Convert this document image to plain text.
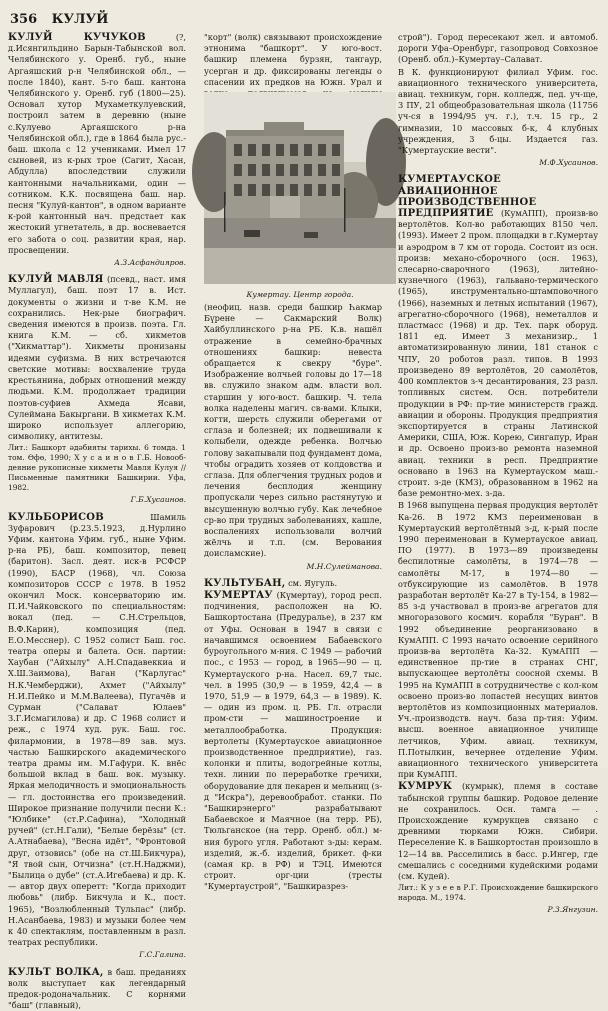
356 КУЛУЙ

КУЛУЙ КУЧУКОВ	(?, д.Исянгильдино Барын-Табынской вол. Челябинского у. Оренб. губ., ныне Аргаяшский р-н Челябинской обл., — после 1840), кант. 5-го баш. кантона Челябинского у. Оренб. губ (1800—25). Основал хутор Мухаметкулуевский, построил затем в деревню (ныне с.Кулуево Аргаяшского р-на Челябинской обл.), где в 1864 была рус.-баш. школа с 12 учениками. Имел 17 сыновей, из к-рых трое (Сагит, Хасан, Абдулла) впоследствии служили кантонными начальниками, один — сотником. К.К. посвящена баш. нар. песня "Кулуй-кантон", в одном варианте к-рой кантонный нач. предстает как жестокий угнетатель, в др. восневается его забота о соц. развитии края, нар. просвещении.

А.З.Асфандияров.

КУЛУЙ МАВЛЯ (псевд., наст. имя Муллагул), баш. поэт 17 в. Ист. документы о жизни и т-ве К.М. не сохранились. Нек-рые биографич. сведения имеются в произв. поэта. Гл. книга К.М. — сб. хикметов ("Хикматтар"). Хикметы пронизаны идеями суфизма. В них встречаются светские мотивы: восхваление труда крестьянина, добрых отношений между людьми. К.М. продолжает традиции поэтов-суфиев Ахмеда Ясави, Сулеймана Бакыргани. В хикметах К.М. широко использует аллегорию, символику, антитезы.

Лит.: Башкорт әдәбияты тарихы. 6 томда. 1 том. Өфө, 1990; Х у с а и н о в Г.Б. Новооб- деяние рукописные хикметы Мавля Кулуя // Письменные памятники Башкирии. Уфа, 1982.

Г.Б.Хусаинов.

КУЛЬБОРИСОВ	Шамиль Зуфарович (р.23.5.1923, д.Нурлино Уфим. кантона Уфим. губ., ныне Уфим. р-на РБ), баш. композитор, певец (баритон). Засл. деят. иск-в РСФСР (1990), БАСР (1968), чл. Союза композиторов СССР с 1978. В 1952 окончил Моск. консерваторию им. П.И.Чайковского по специальностям: вокал (пед. — С.Н.Стрельцов, В.Ф.Карин), композиция (пед. Е.О.Месснер). С 1952 солист Баш. гос. театра оперы и балета. Осн. партии: Хаубан ("Айхылу" А.Н.Спадавеккиа и Х.Ш.Заимова), Ваган ("Карлугас" Н.К.Чемберджи), Ахмет ("Айхылу" Н.И.Пейко и М.М.Валеева), Пугачёв и Сурман ("Салават Юлаев" З.Г.Исмагилова) и др. С 1968 солист и реж., с 1974 худ. рук. Баш. гос. филармонии, в 1978—89 зав. муз. частью Башкирского академического театра драмы им. М.Гафури. К. внёс большой вклад в баш. вок. музыку. Яркая мелодичность и эмоциональность — гл. достоинства его произведений. Широкое признание получили песни К.: "Юлбике" (ст.Р.Сафина), "Холодный ручей" (ст.Н.Гали), "Белые берёзы" (ст. А.Атнабаева), "Весна идёт", "Фронтовой друг, отзовись" (обе на ст.Ш.Бикчура), "Я твой сын, Отчизна" (ст.Н.Наджми), "Былица о дубе" (ст.А.Игебаева) и др. К. — автор двух оперетт: "Когда приходит любовь" (либр. Бикчула и К., пост. 1965), "Возлюбленный Тульпас" (либр. Н.Асанбаева, 1983) и музыки более чем к 40 спектаклям, поставленным в разл. театрах республики.

Г.С.Галина.

КУЛЬТ ВОЛКА, в баш. преданиях волк выступает как легендарный предок-родоначальник. С корнями "баш" (главный),

"корт" (волк) связывают происхождение этнонима "башкорт". У юго-вост. башкир племена бурзян, тангаур, усерган и др. фиксированы легенды о спасении их предков на Южн. Урал и

Кумертау. Центр города.

(неофиц. назв. среди башкир Һакмар Бүрене — Сакмарский Волк) Хайбуллинского р-на РБ. К.в. нашёл отражение в семейно-брачных отношениях башкир: невеста обращается к свекру "буре". Изображение волчьей головы до 17—18 вв. служило знаком адм. власти вол. старшин у юго-вост. башкир. Ч. тела волка наделены магич. св-вами. Клыки, когти, шерсть служили оберегами от сглаза и болезней; их подвешивали к колыбели, одежде ребенка. Волчью голову закапывали под фундамент дома, чтобы оградить хозяев от колдовства и сглаза. Для облегчения трудных родов и лечения бесплодия женщину пропускали через сильно растянутую и высушенную волчью губу. Как лечебное ср-во при трудных заболеваниях, кашле, воспалениях использовали волчий жёлчь и т.п. (см. Верования доисламские).

М.Н.Сулейманова.

КУЛЬТУБАН, см. Яугуль.

КУМЕРТАУ (Күмертау), город респ. подчинения, расположен на Ю. Башкортостана (Предуралье), в 237 км от Уфы. Основан в 1947 в связи с начавшимся освоением Бабаевского буроугольного м-ния. С 1949 — рабочий пос., с 1953 — город, в 1965—90 — ц. Кумертауского р-на. Насел. 69,7 тыс. чел. в 1995 (30,9 — в 1959, 42,4 — в 1970, 51,9 — в 1979, 64,3 — в 1989). К. — один из пром. ц. РБ. Гл. отрасли пром-сти — машиностроение и металлообработка. Продукция: вертолеты (Кумертауское авиационное производственное предприятие), газ. колонки и плиты, водогрейные котлы, техн. линии по переработке гречихи, оборудование для пекарен и мельниц (з-д "Искра"), деревообработ. станки. По "Башкирэнерго" разрабатывают Бабаевское и Маячное (на терр. РБ), Тюльганское (на терр. Оренб. обл.) м-ния бурого угля. Работают з-ды: керам. изделий, ж.-б. изделий, брикет. ф-ки (самая кр. в РФ) и ТЭЦ. Имеются строит. орг-ции (тресты "Кумертаустрой", "Башкиразрез-

строй"). Город пересекают жел. и автомоб. дороги Уфа–Оренбург, газопровод Совхозное (Оренб. обл.)–Кумертау–Салават.

В К. функционируют филиал Уфим. гос. авиационного технического университета, авиац. техникум, горн. колледж, пед. уч-ще, 3 ПУ, 21 общеобразовательная школа (11756 уч-ся в 1994/95 уч. г.), т.ч. 15 гр., 2 гимназии, 10 массовых б-к, 4 клубных учреждения, 3 б-цы. Издается газ. "Кумертауские вести".

М.Ф.Хусаинов.

КУМЕРТАУСКОЕ АВИАЦИОННОЕ ПРОИЗВОДСТВЕННОЕ ПРЕДПРИЯТИЕ (КумАПП), произв-во вертолётов. Кол-во работающих 8150 чел. (1993). Имеет 2 пром. площадки в г.Кумертау и аэродром в 7 км от города. Состоит из осн. произв: механо-сборочного (осн. 1963), слесарно-сварочного (1963), литейно-кузнечного (1963), гальвано-термического (1965), инструментально-штамповочного (1966), наземных и летных испытаний (1967), агрегатно-сборочного (1968), неметаллов и пластмасс (1968) и др. Тех. парк оборуд. 1811 ед. Имеет 3 механизир., 1 автоматизированную линии, 181 станок с ЧПУ, 20 роботов разл. типов. В 1993 произведено 89 вертолётов, 20 самолётов, 400 комплектов з-ч десантирования, 23 разл. топливных систем. Осн. потребители продукции в РФ: пр-тие министерств гражд. авиации и обороны. Продукция предприятия экспортируется в страны Латинской Америки, США, Юж. Корею, Сингапур, Иран и др. Освоено произ-во ремонта наземной авиац. техники в респ. Предприятие основано в 1963 на Кумертауском маш.-строит. з-де (КМЗ), образованном в 1962 на базе ремонтно-мех. з-да.

В 1968 выпущена первая продукция вертолёт Ка-26. В 1972 КМЗ переименован в Кумертауский вертолётный з-д, к-рый после 1990 переименован в Кумертауское авиац. ПО (1977). В 1973—89 произведены беспилотные самолёты, в 1974—78 — самолёты М-17, в 1974—80 — отбуксирующие из самолётов. В 1978 разработан вертолёт Ка-27 в Ту-154, в 1982—85 з-д участвовал в произ-ве агрегатов для многоразового космич. корабля "Буран". В 1992 объединение реорганизовано в КумАПП. С 1993 начато освоение серийного произв-ва вертолёта Ка-32. КумАПП — единственное пр-тие в странах СНГ, выпускающее вертолёты соосной схемы. В 1995 на КумАПП в сотрудничестве с кол-ком освоено произ-во лопастей несущих винтов вертолётов из композиционных материалов. Уч.-производств. науч. база пр-тия: Уфим. высш. военное авиационное училище летчиков, Уфим. авиац. техникум, П.Потылкин, вечернее отделение Уфим. авиационного технического университета при КумАПП.

КУМРУК (кумрык), племя в составе табынской группы башкир. Родовое деление не сохранилось. Осн. тамга — . Происхождение кумрукцев связано с древними тюрками Южн. Сибири. Переселение К. в Башкортостан произошло в 12—14 вв. Расселились в басс. р.Ингер, где смешались с соседними кудейскими родами (см. Кудей).

Лит.: К у з е е в Р.Г. Происхождение башкирского народа. М., 1974.

Р.З.Янгузин.
